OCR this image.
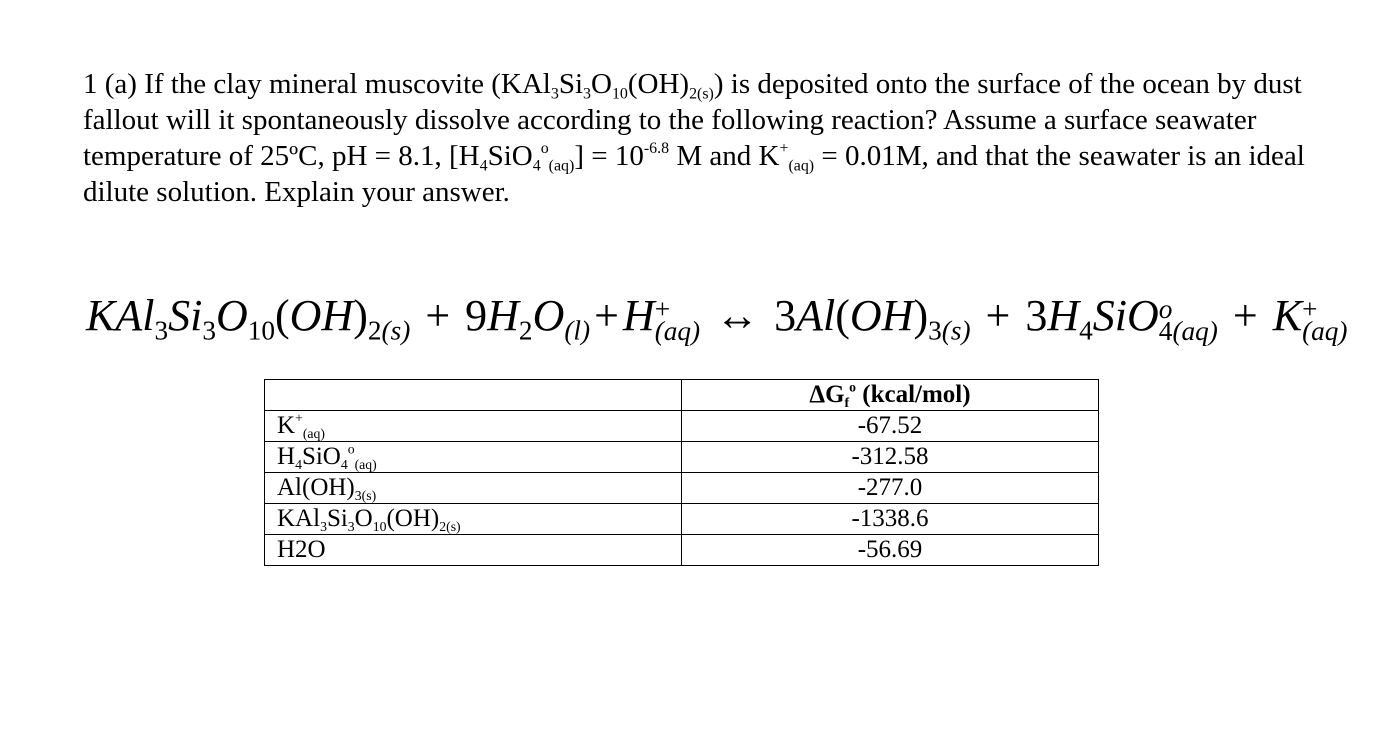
1 (a) If the clay mineral muscovite $(KAl_3Si_3O_{10}(OH)_{2(s)})$ is deposited onto the surface of the ocean by dust fallout will it spontaneously dissolve according to the following reaction? Assume a surface seawater temperature of 25ºC, pH = 8.1, $[H_4SiO_4^o_{(aq)}] = 10^{-6.8}$ M and $K^+_{(aq)} = 0.01M$, and that the seawater is an ideal dilute solution. Explain your answer.

$KAl_3Si_3O_{10}(OH)_{2(s)} + 9H_2O_{(l)}+H$ +
(aq) ↔ $3Al(OH)_{3(s)} + 3H_4SiO$ o
4(aq) + K +
(aq)
	$\Delta G_f^o$ (kcal/mol)
$K^+_{(aq)}$	-67.52
$H_4SiO_4^o_{(aq)}$	-312.58
$Al(OH)_{3(s)}$	-277.0
$KAl_3Si_3O_{10}(OH)_{2(s)}$	-1338.6
H2O	-56.69
